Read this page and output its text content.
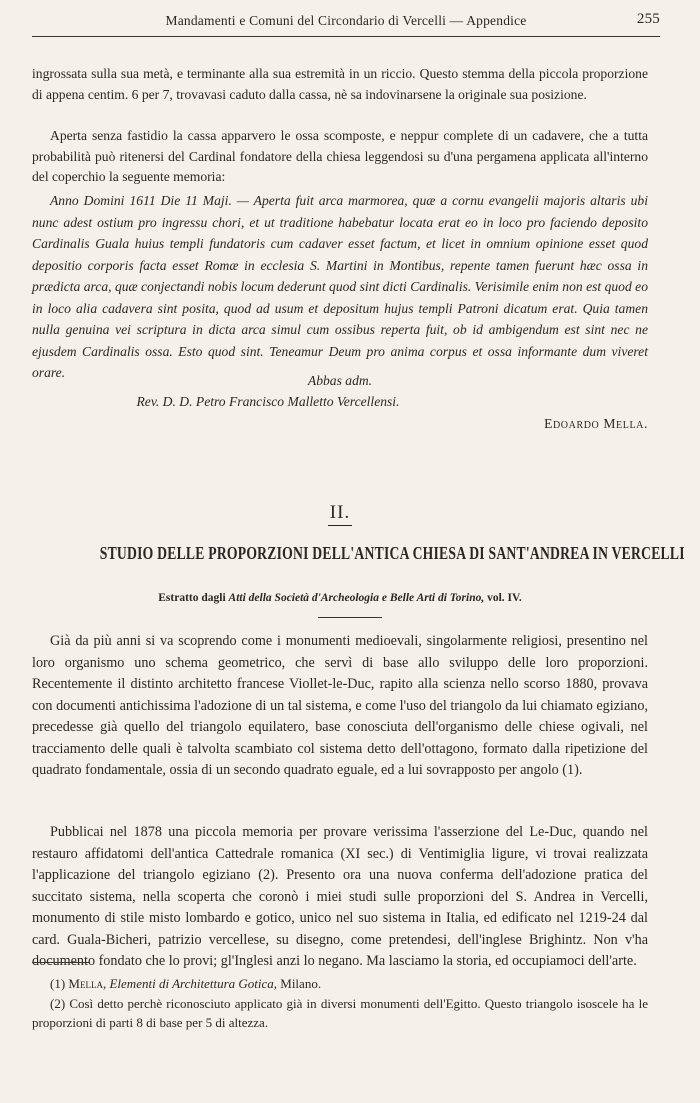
Mandamenti e Comuni del Circondario di Vercelli — Appendice	255

ingrossata sulla sua metà, e terminante alla sua estremità in un riccio. Questo stemma della piccola proporzione di appena centim. 6 per 7, trovavasi caduto dalla cassa, nè sa indovinarsene la originale sua posizione.

Aperta senza fastidio la cassa apparvero le ossa scomposte, e neppur complete di un cadavere, che a tutta probabilità può ritenersi del Cardinal fondatore della chiesa leggendosi su d'una pergamena applicata all'interno del coperchio la seguente memoria:

Anno Domini 1611 Die 11 Maji. — Aperta fuit arca marmorea, quæ a cornu evangelii majoris altaris ubi nunc adest ostium pro ingressu chori, et ut traditione habebatur locata erat eo in loco pro faciendo deposito Cardinalis Guala huius templi fundatoris cum cadaver esset factum, et licet in omnium opinione esset quod depositio corporis facta esset Romæ in ecclesia S. Martini in Montibus, repente tamen fuerunt hæc ossa in prædicta arca, quæ conjectandi nobis locum dederunt quod sint dicti Cardinalis. Verisimile enim non est quod eo in loco alia cadavera sint posita, quod ad usum et depositum hujus templi Patroni dicatum erat. Quia tamen nulla genuina vei scriptura in dicta arca simul cum ossibus reperta fuit, ob id ambigendum est sint nec ne ejusdem Cardinalis ossa. Esto quod sint. Teneamur Deum pro anima corpus et ossa informante dum viveret orare.

Abbas adm.
Rev. D. D. Petro Francisco Malletto Vercellensi.
Edoardo Mella.
II.
STUDIO DELLE PROPORZIONI DELL'ANTICA CHIESA DI SANT'ANDREA IN VERCELLI
Estratto dagli Atti della Società d'Archeologia e Belle Arti di Torino, vol. IV.

Già da più anni si va scoprendo come i monumenti medioevali, singolarmente religiosi, presentino nel loro organismo uno schema geometrico, che servì di base allo sviluppo delle loro proporzioni. Recentemente il distinto architetto francese Viollet-le-Duc, rapito alla scienza nello scorso 1880, provava con documenti antichissima l'adozione di un tal sistema, e come l'uso del triangolo da lui chiamato egiziano, precedesse già quello del triangolo equilatero, base conosciuta dell'organismo delle chiese ogivali, nel tracciamento delle quali è talvolta scambiato col sistema detto dell'ottagono, formato dalla ripetizione del quadrato fondamentale, ossia di un secondo quadrato eguale, ed a lui sovrapposto per angolo (1).

Pubblicai nel 1878 una piccola memoria per provare verissima l'asserzione del Le-Duc, quando nel restauro affidatomi dell'antica Cattedrale romanica (XI sec.) di Ventimiglia ligure, vi trovai realizzata l'applicazione del triangolo egiziano (2). Presento ora una nuova conferma dell'adozione pratica del succitato sistema, nella scoperta che coronò i miei studi sulle proporzioni del S. Andrea in Vercelli, monumento di stile misto lombardo e gotico, unico nel suo sistema in Italia, ed edificato nel 1219-24 dal card. Guala-Bicheri, patrizio vercellese, su disegno, come pretendesi, dell'inglese Brighintz. Non v'ha documento fondato che lo provi; gl'Inglesi anzi lo negano. Ma lasciamo la storia, ed occupiamoci dell'arte.

(1) Mella, Elementi di Architettura Gotica, Milano.

(2) Così detto perchè riconosciuto applicato già in diversi monumenti dell'Egitto. Questo triangolo isoscele ha le proporzioni di parti 8 di base per 5 di altezza.
